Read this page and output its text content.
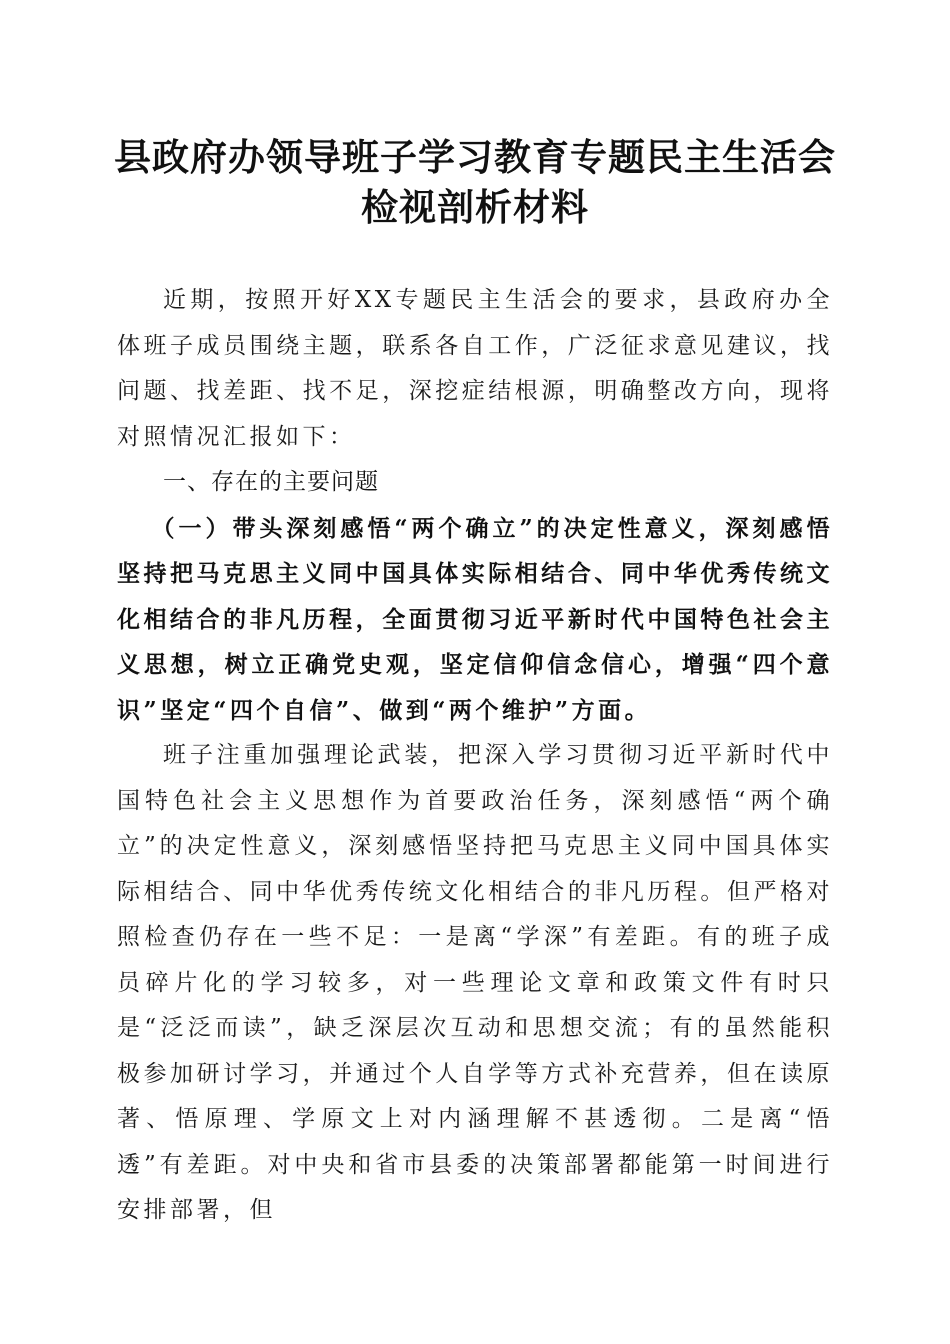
县政府办领导班子学习教育专题民主生活会检视剖析材料

近期，按照开好XX专题民主生活会的要求，县政府办全体班子成员围绕主题，联系各自工作，广泛征求意见建议，找问题、找差距、找不足，深挖症结根源，明确整改方向，现将对照情况汇报如下：

一、存在的主要问题

（一）带头深刻感悟“两个确立”的决定性意义，深刻感悟坚持把马克思主义同中国具体实际相结合、同中华优秀传统文化相结合的非凡历程，全面贯彻习近平新时代中国特色社会主义思想，树立正确党史观，坚定信仰信念信心，增强“四个意识”坚定“四个自信”、做到“两个维护”方面。

班子注重加强理论武装，把深入学习贯彻习近平新时代中国特色社会主义思想作为首要政治任务，深刻感悟“两个确立”的决定性意义，深刻感悟坚持把马克思主义同中国具体实际相结合、同中华优秀传统文化相结合的非凡历程。但严格对照检查仍存在一些不足：一是离“学深”有差距。有的班子成员碎片化的学习较多，对一些理论文章和政策文件有时只是“泛泛而读”，缺乏深层次互动和思想交流；有的虽然能积极参加研讨学习，并通过个人自学等方式补充营养，但在读原著、悟原理、学原文上对内涵理解不甚透彻。二是离“悟透”有差距。对中央和省市县委的决策部署都能第一时间进行安排部署，但
